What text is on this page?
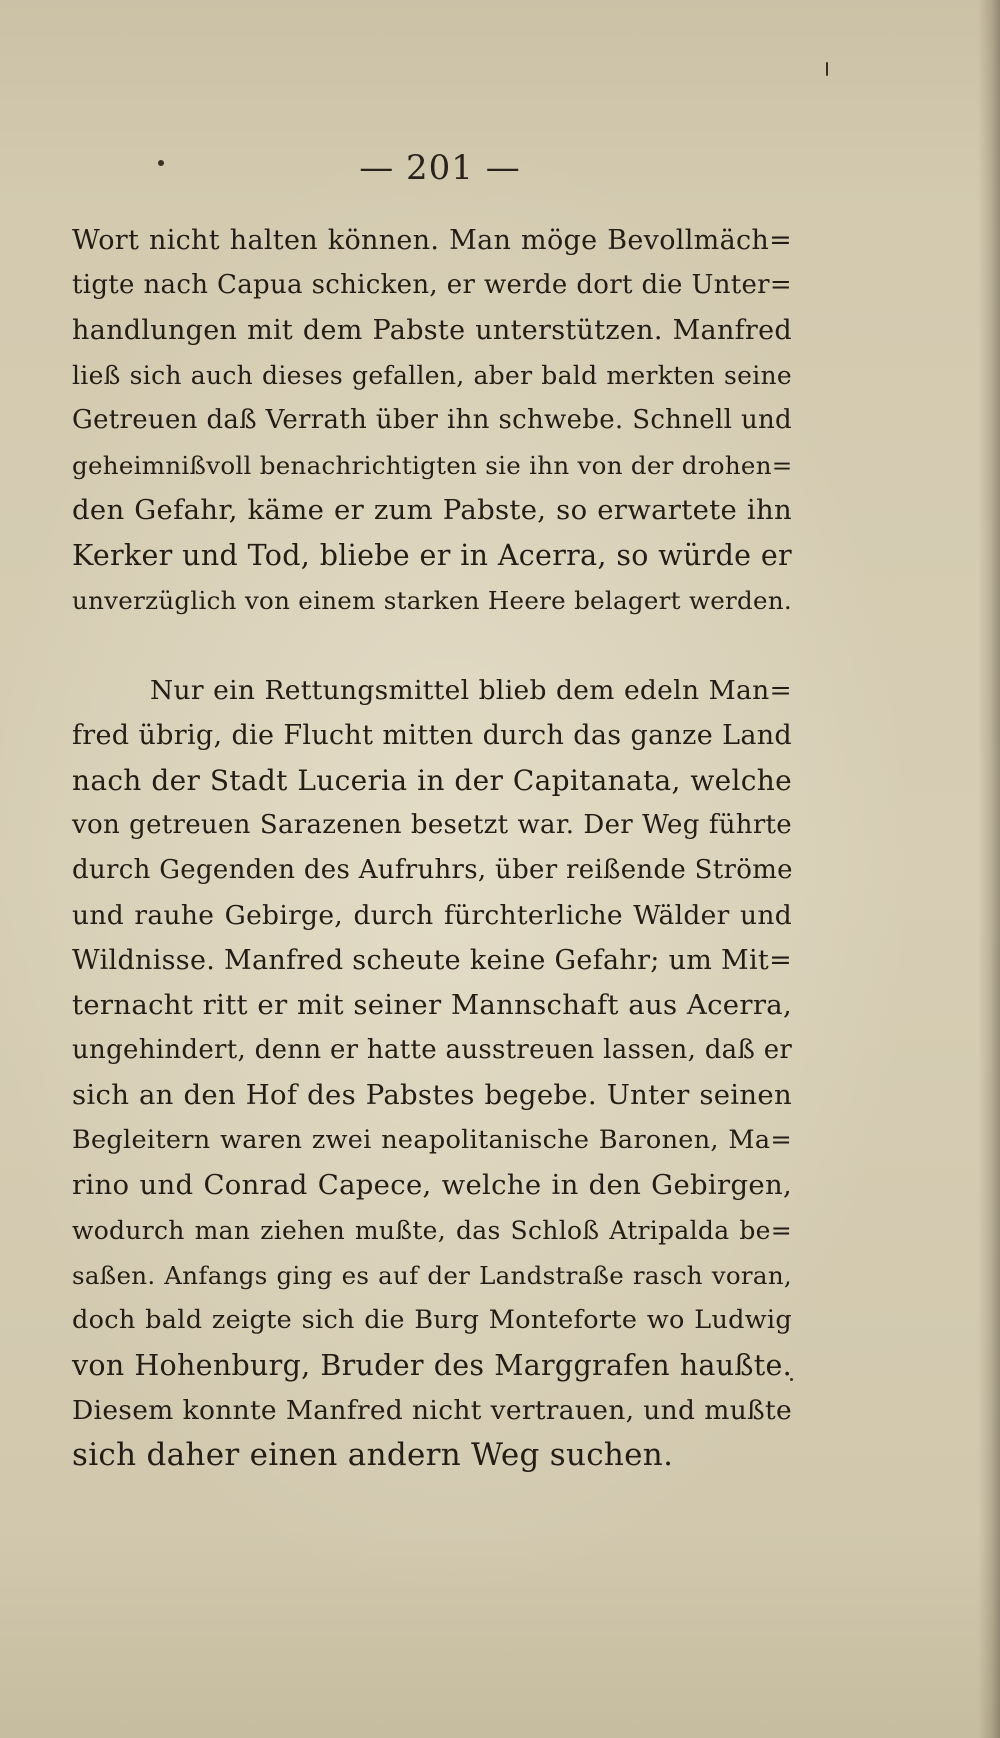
— 201 —
Wort nicht halten können. Man möge Bevollmäch=
tigte nach Capua schicken, er werde dort die Unter=
handlungen mit dem Pabste unterstützen. Manfred
ließ sich auch dieses gefallen, aber bald merkten seine
Getreuen daß Verrath über ihn schwebe. Schnell und
geheimnißvoll benachrichtigten sie ihn von der drohen=
den Gefahr, käme er zum Pabste, so erwartete ihn
Kerker und Tod, bliebe er in Acerra, so würde er
unverzüglich von einem starken Heere belagert werden.
Nur ein Rettungsmittel blieb dem edeln Man=
fred übrig, die Flucht mitten durch das ganze Land
nach der Stadt Luceria in der Capitanata, welche
von getreuen Sarazenen besetzt war. Der Weg führte
durch Gegenden des Aufruhrs, über reißende Ströme
und rauhe Gebirge, durch fürchterliche Wälder und
Wildnisse. Manfred scheute keine Gefahr; um Mit=
ternacht ritt er mit seiner Mannschaft aus Acerra,
ungehindert, denn er hatte ausstreuen lassen, daß er
sich an den Hof des Pabstes begebe. Unter seinen
Begleitern waren zwei neapolitanische Baronen, Ma=
rino und Conrad Capece, welche in den Gebirgen,
wodurch man ziehen mußte, das Schloß Atripalda be=
saßen. Anfangs ging es auf der Landstraße rasch voran,
doch bald zeigte sich die Burg Monteforte wo Ludwig
von Hohenburg, Bruder des Marggrafen haußte.
Diesem konnte Manfred nicht vertrauen, und mußte
sich daher einen andern Weg suchen.
